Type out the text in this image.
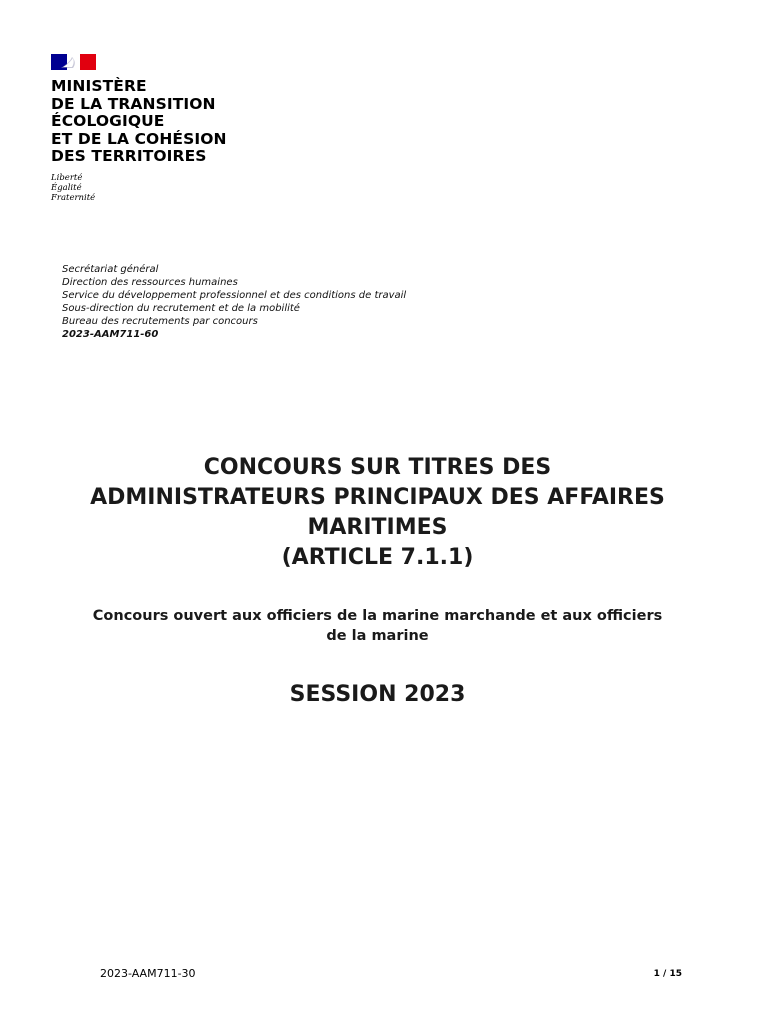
MINISTÈRE
DE LA TRANSITION
ÉCOLOGIQUE
ET DE LA COHÉSION
DES TERRITOIRES
Liberté
Égalité
Fraternité
Secrétariat général
Direction des ressources humaines
Service du développement professionnel et des conditions de travail
Sous-direction du recrutement et de la mobilité
Bureau des recrutements par concours
2023-AAM711-60
CONCOURS SUR TITRES DES
ADMINISTRATEURS PRINCIPAUX DES AFFAIRES
MARITIMES
(ARTICLE 7.1.1)
Concours ouvert aux officiers de la marine marchande et aux officiers
de la marine
SESSION 2023
2023-AAM711-30	1 / 15
